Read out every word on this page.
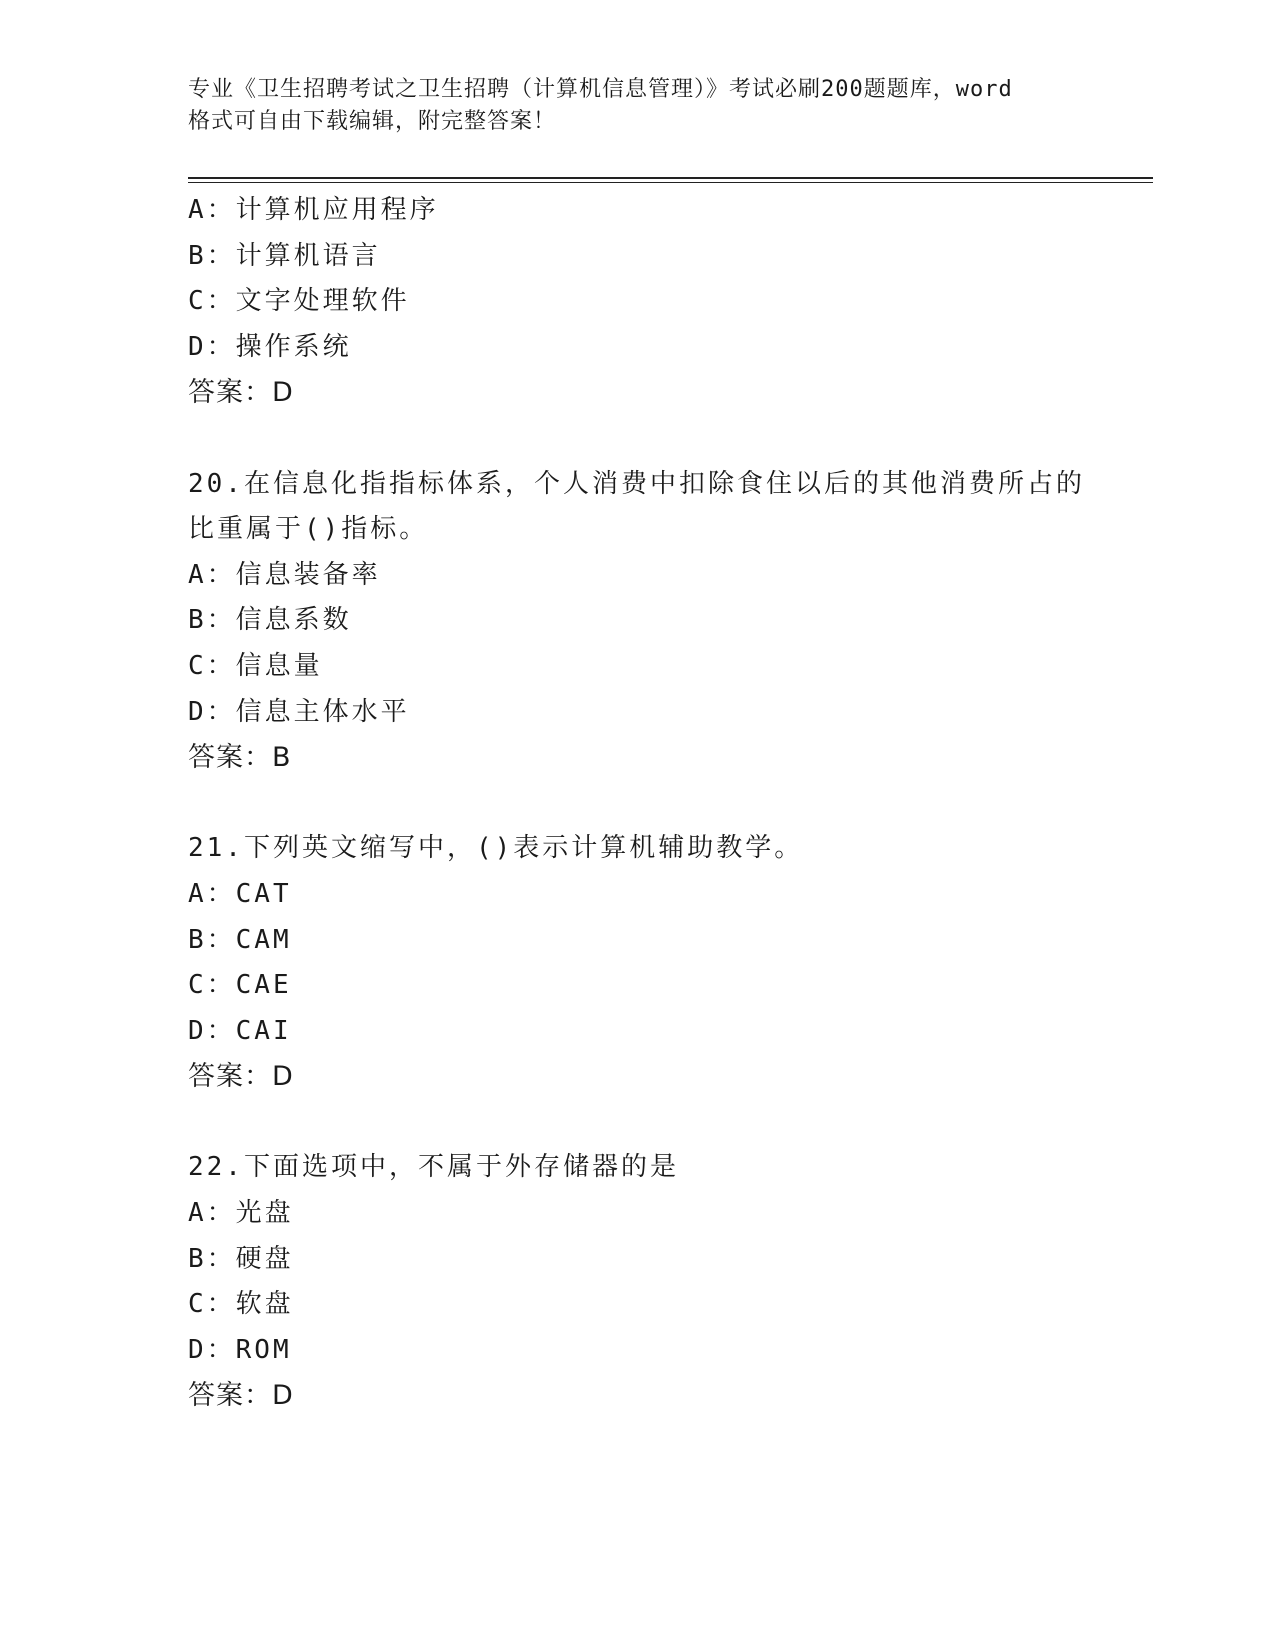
专业《卫生招聘考试之卫生招聘（计算机信息管理）》考试必刷200题题库，word
格式可自由下载编辑，附完整答案！
A：计算机应用程序
B：计算机语言
C：文字处理软件
D：操作系统
答案：D
20.在信息化指指标体系，个人消费中扣除食住以后的其他消费所占的
比重属于()指标。
A：信息装备率
B：信息系数
C：信息量
D：信息主体水平
答案：B
21.下列英文缩写中，()表示计算机辅助教学。
A：CAT
B：CAM
C：CAE
D：CAI
答案：D
22.下面选项中，不属于外存储器的是
A：光盘
B：硬盘
C：软盘
D：ROM
答案：D
